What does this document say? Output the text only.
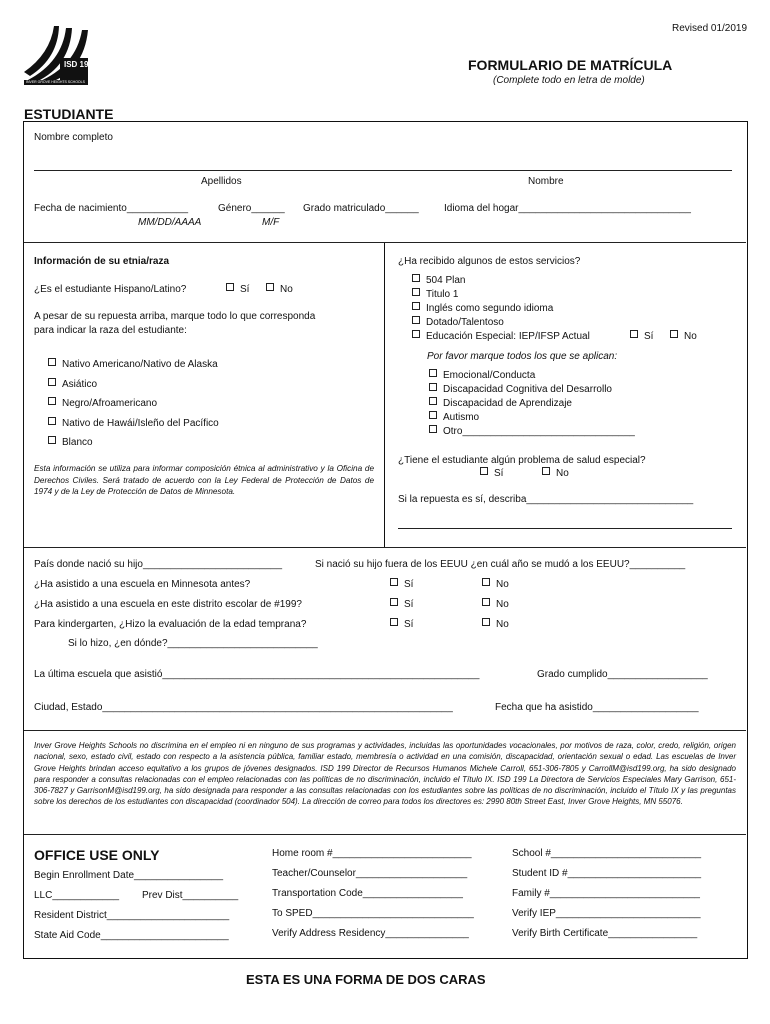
Revised 01/2019
ISD 199
INVER GROVE HEIGHTS SCHOOLS
FORMULARIO DE MATRÍCULA
(Complete todo en letra de molde)
ESTUDIANTE
Nombre completo
Apellidos	Nombre
Fecha de nacimiento___________
MM/DD/AAAA
Género______
M/F
Grado matriculado______	Idioma del hogar_______________________________
Información de su etnia/raza
¿Es el estudiante Hispano/Latino?	Sí	No
A pesar de su repuesta arriba, marque todo lo que corresponda
para indicar la raza del estudiante:
Nativo Americano/Nativo de Alaska
Asiático
Negro/Afroamericano
Nativo de Hawái/Isleño del Pacífico
Blanco
Esta información se utiliza para informar composición étnica al administrativo y la Oficina de Derechos Civiles. Será tratado de acuerdo con la Ley Federal de Protección de Datos de 1974 y de la Ley de Protección de Datos de Minnesota.
¿Ha recibido algunos de estos servicios?
504 Plan
Titulo 1
Inglés como segundo idioma
Dotado/Talentoso
Educación Especial: IEP/IFSP Actual	Sí	No
Por favor marque todos los que se aplican:
Emocional/Conducta
Discapacidad Cognitiva del Desarrollo
Discapacidad de Aprendizaje
Autismo
Otro_______________________________
¿Tiene el estudiante algún problema de salud especial?
Sí	No
Si la repuesta es sí, describa______________________________
País donde nació su hijo_________________________	Si nació su hijo fuera de los EEUU ¿en cuál año se mudó a los EEUU?__________
¿Ha asistido a una escuela en Minnesota antes?	Sí	No
¿Ha asistido a una escuela en este distrito escolar de #199?	Sí	No
Para kindergarten, ¿Hizo la evaluación de la edad temprana?	Sí	No
Si lo hizo, ¿en dónde?___________________________
La última escuela que asistió_________________________________________________________	Grado cumplido__________________
Ciudad, Estado_______________________________________________________________	Fecha que ha asistido___________________
Inver Grove Heights Schools no discrimina en el empleo ni en ninguno de sus programas y actividades, incluidas las oportunidades vocacionales, por motivos de raza, color, credo, religión, origen nacional, sexo, estado civil, estado con respecto a la asistencia pública, familiar estado, membresía o actividad en una comisión, discapacidad, orientación sexual o edad. Las escuelas de Inver Grove Heights brindan acceso equitativo a los grupos de jóvenes designados. ISD 199 Director de Recursos Humanos Michele Carroll, 651-306-7805 y CarrollM@isd199.org, ha sido designado para responder a consultas relacionadas con el empleo relacionadas con las políticas de no discriminación, incluido el Título IX. ISD 199 La Directora de Servicios Especiales Mary Garrison, 651-306-7827 y GarrisonM@isd199.org, ha sido designada para responder a las consultas relacionadas con los estudiantes sobre las políticas de no discriminación, incluido el Título IX y las preguntas sobre los derechos de los estudiantes con discapacidad (coordinador 504). La dirección de correo para todos los directores es: 2990 80th Street East, Inver Grove Heights, MN 55076.
OFFICE USE ONLY
Begin Enrollment Date________________
LLC____________ Prev Dist__________
Resident District______________________
State Aid Code_______________________
Home room #_________________________
Teacher/Counselor____________________
Transportation Code__________________
To SPED_____________________________
Verify Address Residency_______________
School #___________________________
Student ID #________________________
Family #___________________________
Verify IEP__________________________
Verify Birth Certificate________________
ESTA ES UNA FORMA DE DOS CARAS
